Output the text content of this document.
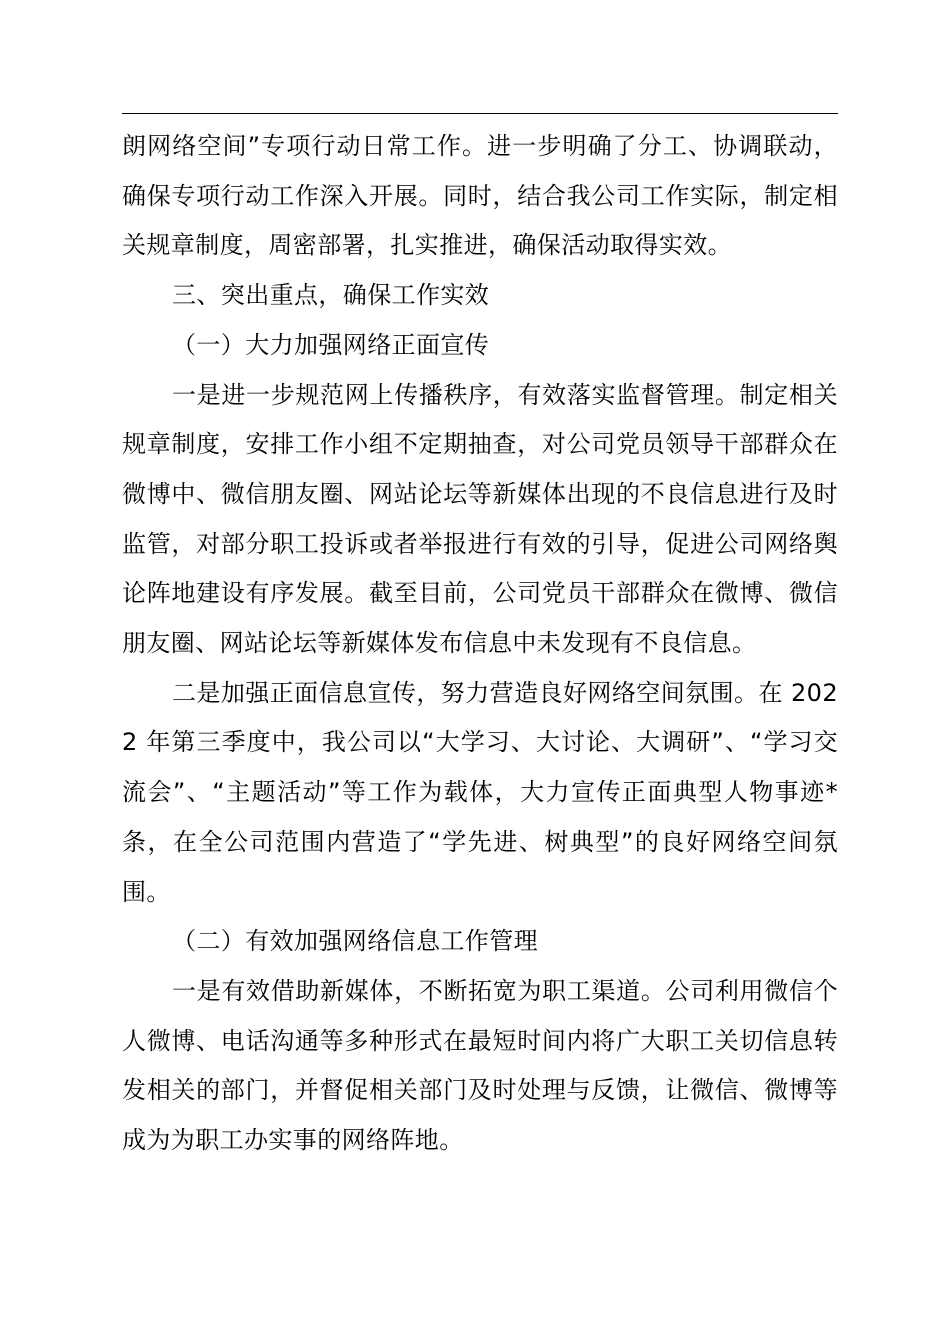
朗网络空间”专项行动日常工作。进一步明确了分工、协调联动，确保专项行动工作深入开展。同时，结合我公司工作实际，制定相关规章制度，周密部署，扎实推进，确保活动取得实效。

三、突出重点，确保工作实效

（一）大力加强网络正面宣传

一是进一步规范网上传播秩序，有效落实监督管理。制定相关规章制度，安排工作小组不定期抽查，对公司党员领导干部群众在微博中、微信朋友圈、网站论坛等新媒体出现的不良信息进行及时监管，对部分职工投诉或者举报进行有效的引导，促进公司网络舆论阵地建设有序发展。截至目前，公司党员干部群众在微博、微信朋友圈、网站论坛等新媒体发布信息中未发现有不良信息。

二是加强正面信息宣传，努力营造良好网络空间氛围。在 2022 年第三季度中，我公司以“大学习、大讨论、大调研”、“学习交流会”、“主题活动”等工作为载体，大力宣传正面典型人物事迹*条，在全公司范围内营造了“学先进、树典型”的良好网络空间氛围。

（二）有效加强网络信息工作管理

一是有效借助新媒体，不断拓宽为职工渠道。公司利用微信个人微博、电话沟通等多种形式在最短时间内将广大职工关切信息转发相关的部门，并督促相关部门及时处理与反馈，让微信、微博等成为为职工办实事的网络阵地。
